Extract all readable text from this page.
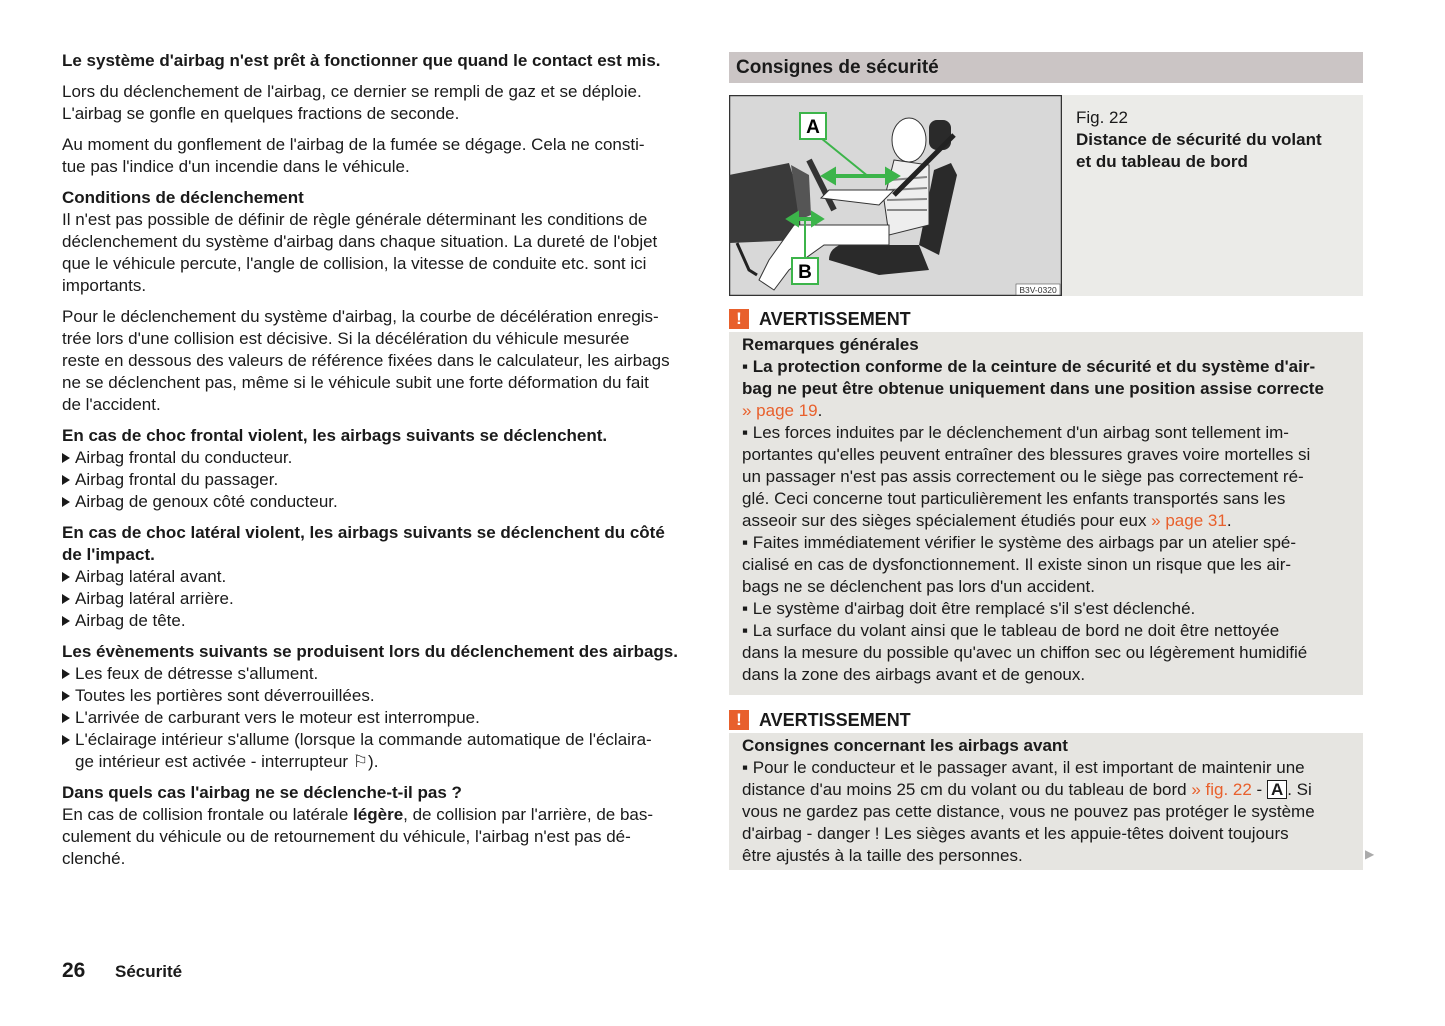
Le système d'airbag n'est prêt à fonctionner que quand le contact est mis.
Lors du déclenchement de l'airbag, ce dernier se rempli de gaz et se déploie.
L'airbag se gonfle en quelques fractions de seconde.
Au moment du gonflement de l'airbag de la fumée se dégage. Cela ne consti-
tue pas l'indice d'un incendie dans le véhicule.
Conditions de déclenchement
Il n'est pas possible de définir de règle générale déterminant les conditions de
déclenchement du système d'airbag dans chaque situation. La dureté de l'objet
que le véhicule percute, l'angle de collision, la vitesse de conduite etc. sont ici
importants.
Pour le déclenchement du système d'airbag, la courbe de décélération enregis-
trée lors d'une collision est décisive. Si la décélération du véhicule mesurée
reste en dessous des valeurs de référence fixées dans le calculateur, les airbags
ne se déclenchent pas, même si le véhicule subit une forte déformation du fait
de l'accident.
En cas de choc frontal violent, les airbags suivants se déclenchent.
Airbag frontal du conducteur.
Airbag frontal du passager.
Airbag de genoux côté conducteur.
En cas de choc latéral violent, les airbags suivants se déclenchent du côté
de l'impact.
Airbag latéral avant.
Airbag latéral arrière.
Airbag de tête.
Les évènements suivants se produisent lors du déclenchement des airbags.
Les feux de détresse s'allument.
Toutes les portières sont déverrouillées.
L'arrivée de carburant vers le moteur est interrompue.
L'éclairage intérieur s'allume (lorsque la commande automatique de l'éclaira-
ge intérieur est activée - interrupteur ⚐).
Dans quels cas l'airbag ne se déclenche-t-il pas ?
En cas de collision frontale ou latérale légère, de collision par l'arrière, de bas-
culement du véhicule ou de retournement du véhicule, l'airbag n'est pas dé-
clenché.
Consignes de sécurité
A
B
B3V-0320
Fig. 22
Distance de sécurité du volant
et du tableau de bord
! AVERTISSEMENT
Remarques générales
▪ La protection conforme de la ceinture de sécurité et du système d'air-
bag ne peut être obtenue uniquement dans une position assise correcte
» page 19.
▪ Les forces induites par le déclenchement d'un airbag sont tellement im-
portantes qu'elles peuvent entraîner des blessures graves voire mortelles si
un passager n'est pas assis correctement ou le siège pas correctement ré-
glé. Ceci concerne tout particulièrement les enfants transportés sans les
asseoir sur des sièges spécialement étudiés pour eux » page 31.
▪ Faites immédiatement vérifier le système des airbags par un atelier spé-
cialisé en cas de dysfonctionnement. Il existe sinon un risque que les air-
bags ne se déclenchent pas lors d'un accident.
▪ Le système d'airbag doit être remplacé s'il s'est déclenché.
▪ La surface du volant ainsi que le tableau de bord ne doit être nettoyée
dans la mesure du possible qu'avec un chiffon sec ou légèrement humidifié
dans la zone des airbags avant et de genoux.
! AVERTISSEMENT
Consignes concernant les airbags avant
▪ Pour le conducteur et le passager avant, il est important de maintenir une
distance d'au moins 25 cm du volant ou du tableau de bord » fig. 22 - A . Si
vous ne gardez pas cette distance, vous ne pouvez pas protéger le système
d'airbag - danger ! Les sièges avants et les appuie-têtes doivent toujours
être ajustés à la taille des personnes.	▶
26 Sécurité
